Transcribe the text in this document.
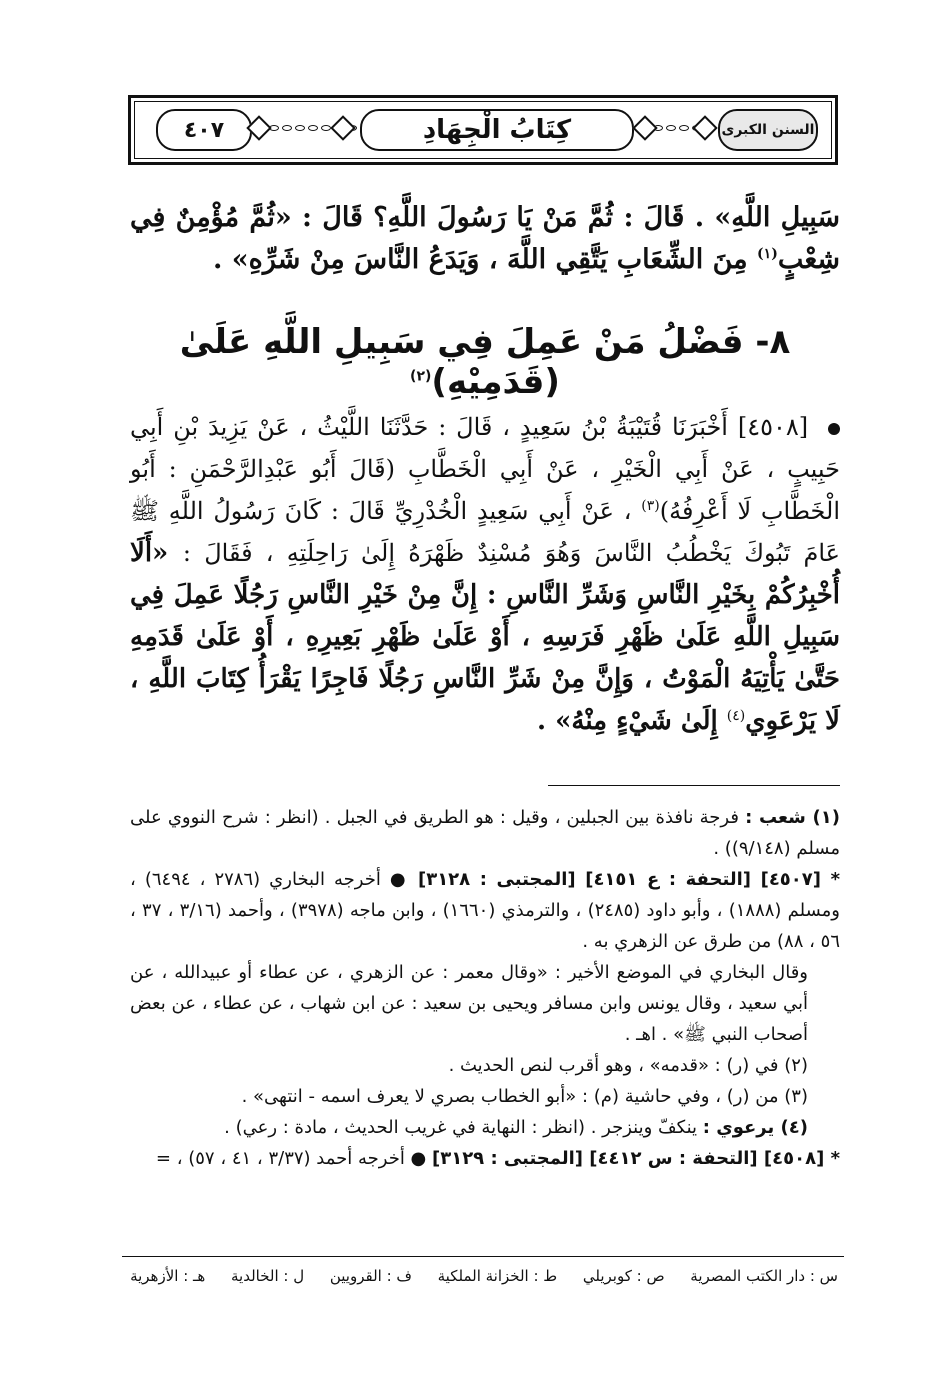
٤٠٧	كِتَابُ الْجِهَادِ	السنن الكبرى
سَبِيلِ اللَّهِ» . قَالَ : ثُمَّ مَنْ يَا رَسُولَ اللَّهِ؟ قَالَ : «ثُمَّ مُؤْمِنٌ فِي شِعْبٍ$^{(١)}$ مِنَ الشِّعَابِ يَتَّقِي اللَّهَ ، وَيَدَعُ النَّاسَ مِنْ شَرِّهِ» .
٨- فَضْلُ مَنْ عَمِلَ فِي سَبِيلِ اللَّهِ عَلَىٰ (قَدَمِيْهِ)$^{(٢)}$
[٤٥٠٨] أَخْبَرَنَا قُتَيْبَةُ بْنُ سَعِيدٍ ، قَالَ : حَدَّثَنَا اللَّيْثُ ، عَنْ يَزِيدَ بْنِ أَبِي حَبِيبٍ ، عَنْ أَبِي الْخَيْرِ ، عَنْ أَبِي الْخَطَّابِ (قَالَ أَبُو عَبْدِالرَّحْمَنِ : أَبُو الْخَطَّابِ لَا أَعْرِفُهُ)$^{(٣)}$ ، عَنْ أَبِي سَعِيدٍ الْخُدْرِيِّ قَالَ : كَانَ رَسُولُ اللَّهِ ﷺ عَامَ تَبُوكَ يَخْطُبُ النَّاسَ وَهُوَ مُسْنِدٌ ظَهْرَهُ إِلَىٰ رَاحِلَتِهِ ، فَقَالَ : «أَلَا أُخْبِرُكُمْ بِخَيْرِ النَّاسِ وَشَرِّ النَّاسِ : إِنَّ مِنْ خَيْرِ النَّاسِ رَجُلًا عَمِلَ فِي سَبِيلِ اللَّهِ عَلَىٰ ظَهْرِ فَرَسِهِ ، أَوْ عَلَىٰ ظَهْرِ بَعِيرِهِ ، أَوْ عَلَىٰ قَدَمِهِ حَتَّىٰ يَأْتِيَهُ الْمَوْتُ ، وَإِنَّ مِنْ شَرِّ النَّاسِ رَجُلًا فَاجِرًا يَقْرَأُ كِتَابَ اللَّهِ ، لَا يَرْعَوِي$^{(٤)}$ إِلَىٰ شَيْءٍ مِنْهُ» .

(١) شعب : فرجة نافذة بين الجبلين ، وقيل : هو الطريق في الجبل . (انظر : شرح النووي على مسلم (٩/١٤٨)) .

* [٤٥٠٧] [التحفة : ع ٤١٥١] [المجتبى : ٣١٢٨] ● أخرجه البخاري (٢٧٨٦ ، ٦٤٩٤) ، ومسلم (١٨٨٨) ، وأبو داود (٢٤٨٥) ، والترمذي (١٦٦٠) ، وابن ماجه (٣٩٧٨) ، وأحمد (٣/١٦ ، ٣٧ ، ٥٦ ، ٨٨) من طرق عن الزهري به .

وقال البخاري في الموضع الأخير : «وقال معمر : عن الزهري ، عن عطاء أو عبيدالله ، عن أبي سعيد ، وقال يونس وابن مسافر ويحيى بن سعيد : عن ابن شهاب ، عن عطاء ، عن بعض أصحاب النبي ﷺ» . اهـ .

(٢) في (ر) : «قدمه» ، وهو أقرب لنص الحديث .

(٣) من (ر) ، وفي حاشية (م) : «أبو الخطاب بصري لا يعرف اسمه - انتهى» .

(٤) يرعوي : ينكفّ وينزجر . (انظر : النهاية في غريب الحديث ، مادة : رعي) .

* [٤٥٠٨] [التحفة : س ٤٤١٢] [المجتبى : ٣١٢٩] ● أخرجه أحمد (٣/٣٧ ، ٤١ ، ٥٧) ، =

س : دار الكتب المصرية
ص : كوبريلي
ط : الخزانة الملكية
ف : القرويين
ل : الخالدية
هـ : الأزهرية
